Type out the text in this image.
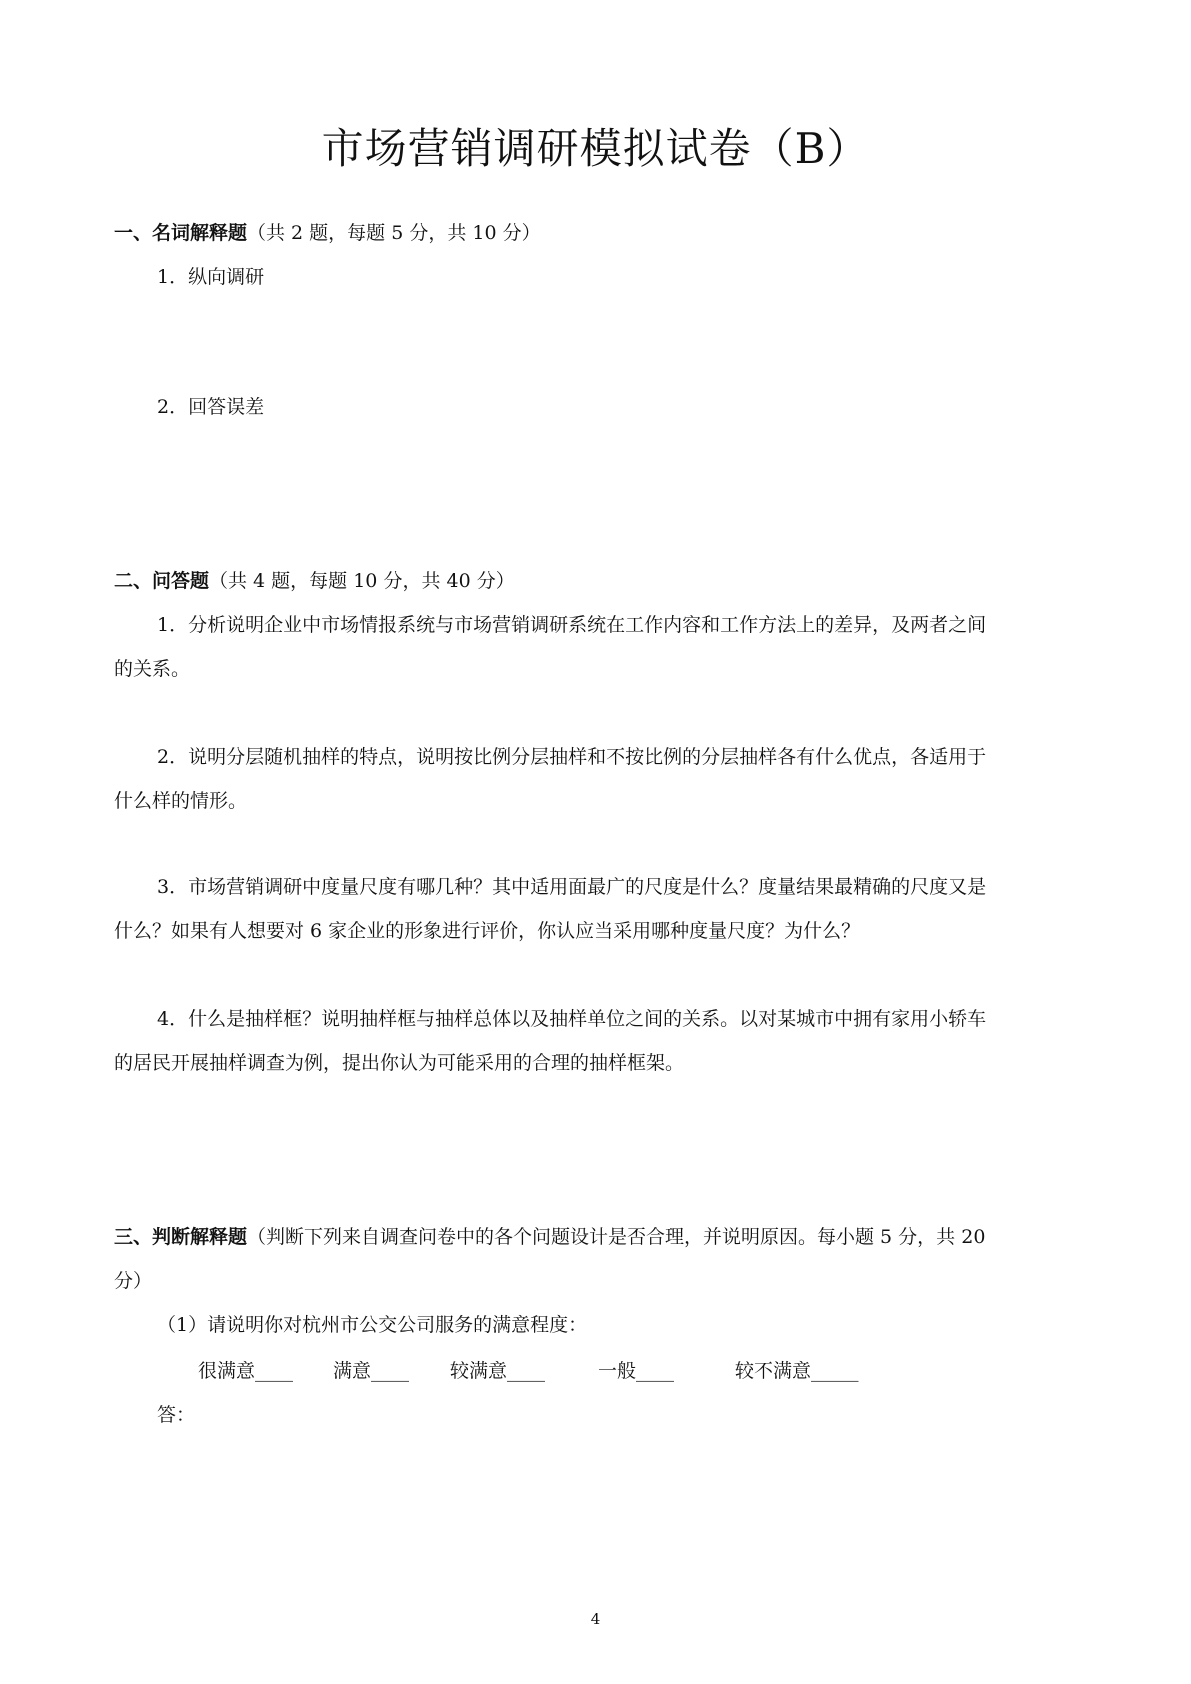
市场营销调研模拟试卷（B）

一、名词解释题（共 2 题，每题 5 分，共 10 分）

1．纵向调研

2．回答误差

二、问答题（共 4 题，每题 10 分，共 40 分）

1．分析说明企业中市场情报系统与市场营销调研系统在工作内容和工作方法上的差异，及两者之间

的关系。

2．说明分层随机抽样的特点，说明按比例分层抽样和不按比例的分层抽样各有什么优点，各适用于

什么样的情形。

3．市场营销调研中度量尺度有哪几种？其中适用面最广的尺度是什么？度量结果最精确的尺度又是

什么？如果有人想要对 6 家企业的形象进行评价，你认应当采用哪种度量尺度？为什么？

4．什么是抽样框？说明抽样框与抽样总体以及抽样单位之间的关系。以对某城市中拥有家用小轿车

的居民开展抽样调查为例，提出你认为可能采用的合理的抽样框架。

三、判断解释题（判断下列来自调查问卷中的各个问题设计是否合理，并说明原因。每小题 5 分，共 20

分）

（1）请说明你对杭州市公交公司服务的满意程度：

很满意____ 满意____ 较满意____	一般____	较不满意_____

答：

4
